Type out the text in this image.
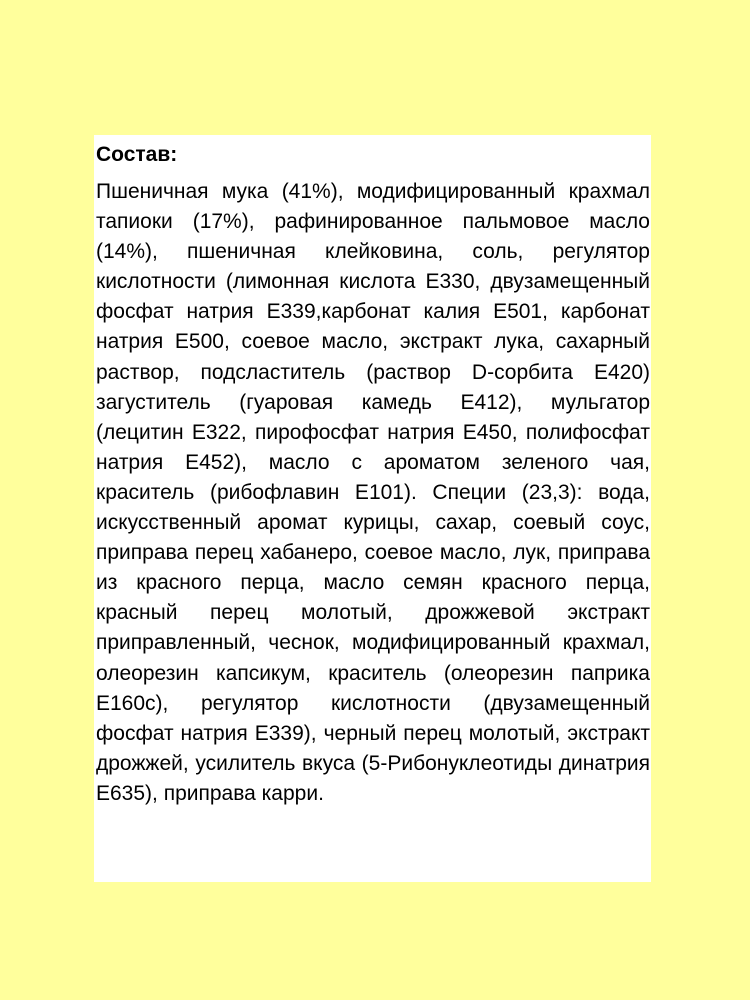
Состав:

Пшеничная мука (41%), модифицированный крахмал тапиоки (17%), рафинированное пальмовое масло (14%), пшеничная клейковина, соль, регулятор кислотности (лимонная кислота Е330, двузамещенный фосфат натрия Е339,карбонат калия Е501, карбонат натрия Е500, соевое масло, экстракт лука, сахарный раствор, подсластитель (раствор D-сорбита Е420) загуститель (гуаровая камедь Е412), мульгатор (лецитин Е322, пирофосфат натрия Е450, полифосфат натрия Е452), масло с ароматом зеленого чая, краситель (рибофлавин Е101). Специи (23,3): вода, искусственный аромат курицы, сахар, соевый соус, приправа перец хабанеро, соевое масло, лук, приправа из красного перца, масло семян красного перца, красный перец молотый, дрожжевой экстракт приправленный, чеснок, модифицированный крахмал, олеорезин капсикум, краситель (олеорезин паприка Е160с), регулятор кислотности (двузамещенный фосфат натрия Е339), черный перец молотый, экстракт дрожжей, усилитель вкуса (5-Рибонуклеотиды динатрия Е635), приправа карри.
